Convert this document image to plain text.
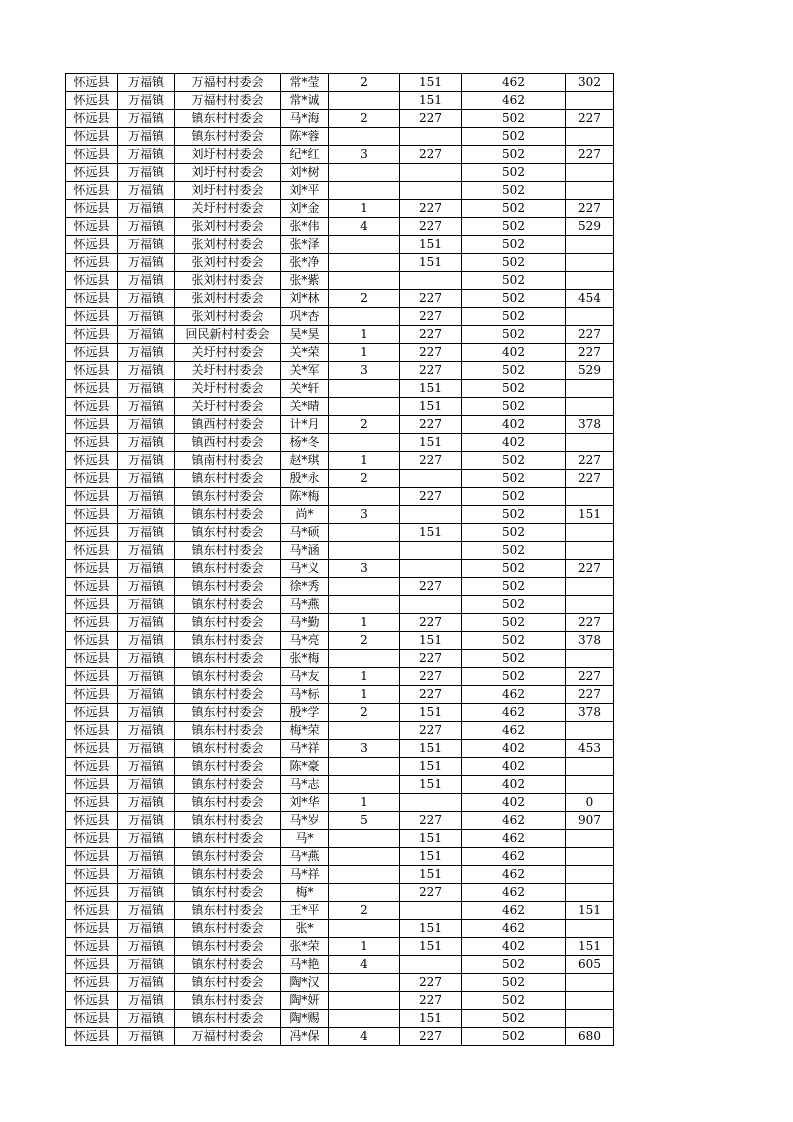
怀远县	万福镇	万福村村委会	常*莹	2	151	462	302
怀远县	万福镇	万福村村委会	常*诚		151	462	
怀远县	万福镇	镇东村村委会	马*海	2	227	502	227
怀远县	万福镇	镇东村村委会	陈*蓉			502	
怀远县	万福镇	刘圩村村委会	纪*红	3	227	502	227
怀远县	万福镇	刘圩村村委会	刘*树			502	
怀远县	万福镇	刘圩村村委会	刘*平			502	
怀远县	万福镇	关圩村村委会	刘*金	1	227	502	227
怀远县	万福镇	张刘村村委会	张*伟	4	227	502	529
怀远县	万福镇	张刘村村委会	张*泽		151	502	
怀远县	万福镇	张刘村村委会	张*净		151	502	
怀远县	万福镇	张刘村村委会	张*紫			502	
怀远县	万福镇	张刘村村委会	刘*林	2	227	502	454
怀远县	万福镇	张刘村村委会	巩*杏		227	502	
怀远县	万福镇	回民新村村委会	吴*昊	1	227	502	227
怀远县	万福镇	关圩村村委会	关*荣	1	227	402	227
怀远县	万福镇	关圩村村委会	关*军	3	227	502	529
怀远县	万福镇	关圩村村委会	关*轩		151	502	
怀远县	万福镇	关圩村村委会	关*晴		151	502	
怀远县	万福镇	镇西村村委会	计*月	2	227	402	378
怀远县	万福镇	镇西村村委会	杨*冬		151	402	
怀远县	万福镇	镇南村村委会	赵*琪	1	227	502	227
怀远县	万福镇	镇东村村委会	殷*永	2		502	227
怀远县	万福镇	镇东村村委会	陈*梅		227	502	
怀远县	万福镇	镇东村村委会	尚*	3		502	151
怀远县	万福镇	镇东村村委会	马*硕		151	502	
怀远县	万福镇	镇东村村委会	马*涵			502	
怀远县	万福镇	镇东村村委会	马*义	3		502	227
怀远县	万福镇	镇东村村委会	徐*秀		227	502	
怀远县	万福镇	镇东村村委会	马*燕			502	
怀远县	万福镇	镇东村村委会	马*勤	1	227	502	227
怀远县	万福镇	镇东村村委会	马*亮	2	151	502	378
怀远县	万福镇	镇东村村委会	张*梅		227	502	
怀远县	万福镇	镇东村村委会	马*友	1	227	502	227
怀远县	万福镇	镇东村村委会	马*标	1	227	462	227
怀远县	万福镇	镇东村村委会	殷*学	2	151	462	378
怀远县	万福镇	镇东村村委会	梅*荣		227	462	
怀远县	万福镇	镇东村村委会	马*祥	3	151	402	453
怀远县	万福镇	镇东村村委会	陈*豪		151	402	
怀远县	万福镇	镇东村村委会	马*志		151	402	
怀远县	万福镇	镇东村村委会	刘*华	1		402	0
怀远县	万福镇	镇东村村委会	马*岁	5	227	462	907
怀远县	万福镇	镇东村村委会	马*		151	462	
怀远县	万福镇	镇东村村委会	马*燕		151	462	
怀远县	万福镇	镇东村村委会	马*祥		151	462	
怀远县	万福镇	镇东村村委会	梅*		227	462	
怀远县	万福镇	镇东村村委会	王*平	2		462	151
怀远县	万福镇	镇东村村委会	张*		151	462	
怀远县	万福镇	镇东村村委会	张*荣	1	151	402	151
怀远县	万福镇	镇东村村委会	马*艳	4		502	605
怀远县	万福镇	镇东村村委会	陶*汉		227	502	
怀远县	万福镇	镇东村村委会	陶*妍		227	502	
怀远县	万福镇	镇东村村委会	陶*赐		151	502	
怀远县	万福镇	万福村村委会	冯*保	4	227	502	680
